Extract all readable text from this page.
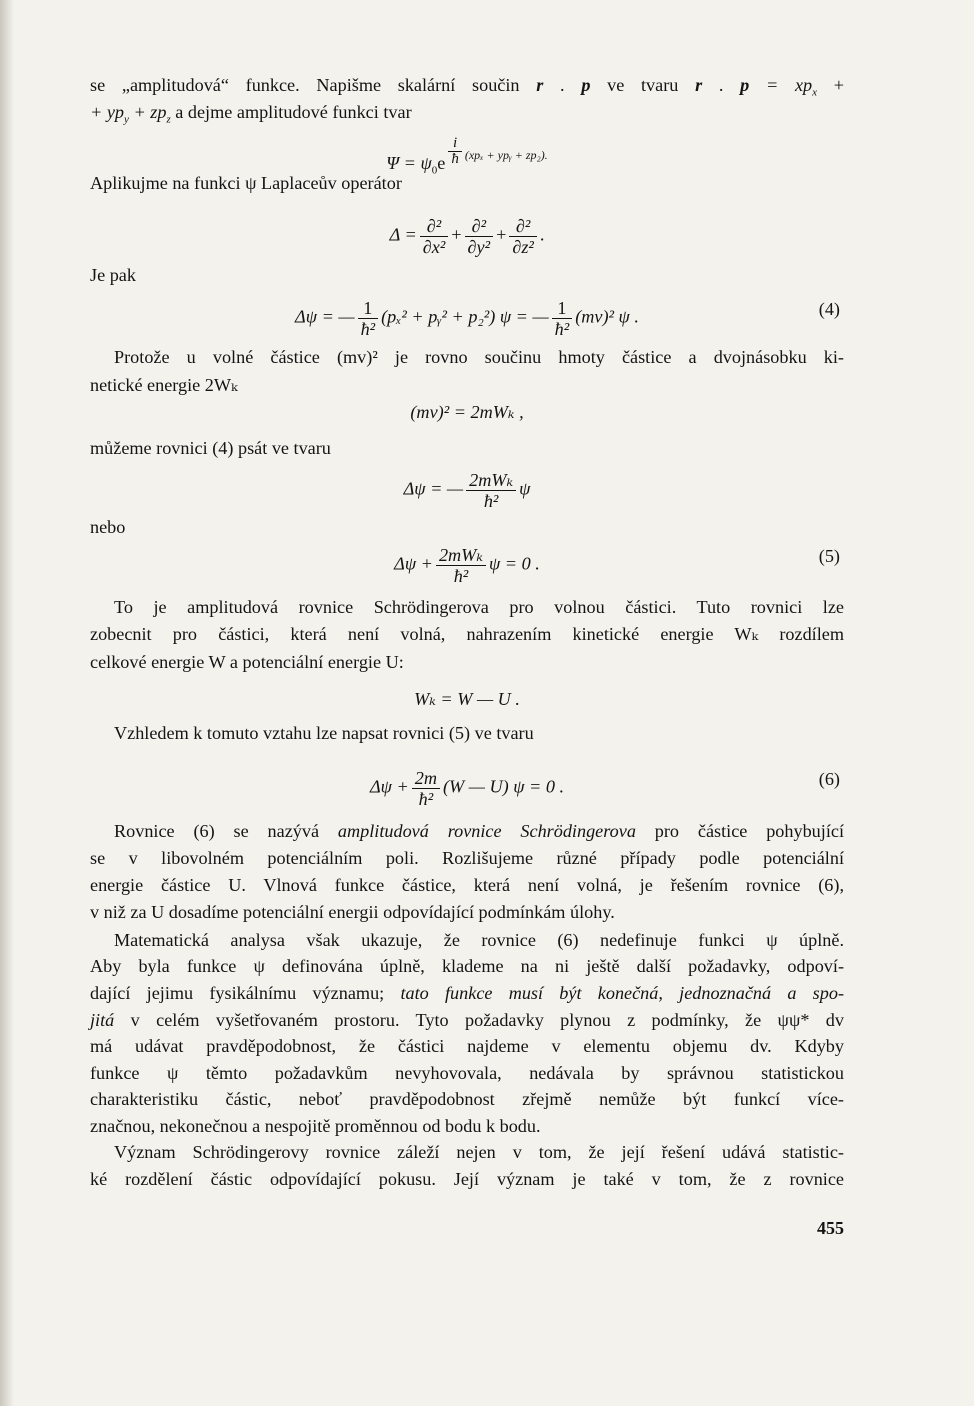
se „amplitudová“ funkce. Napišme skalární součin r . p ve tvaru r . $p = xp_x$ +
+ $yp_y + zp_z$ a dejme amplitudové funkci tvar
$\Psi = \psi_0e \frac{i}{ħ} ^{(xp_x + ypᵧ + zp_2).}$
Aplikujme na funkci ψ Laplaceův operátor
$\Delta = \frac{\text{∂²}}{\text{∂x²}} + \frac{\text{∂²}}{\text{∂y²}} + \frac{\text{∂²}}{\text{∂z²}}$ .
Je pak
Δψ = — $\frac{1}{\text{ħ²}} (p_x^2$ + pᵧ² + p₂²) ψ = — $\frac{1}{\text{ħ²}} (mv)^2$ ψ .	(4)
Protože u volné částice (mv)² je rovno součinu hmoty částice a dvojnásobku ki-
netické energie 2Wₖ
(mv)² = 2mWₖ ,
můžeme rovnici (4) psát ve tvaru
Δψ = — $\frac{\text{2mWₖ}}{\text{ħ²}}$ ψ
nebo
$\Delta\psi + \frac{\text{2mWₖ}}{\text{ħ²}}$ ψ = 0 .	(5)
To je amplitudová rovnice Schrödingerova pro volnou částici. Tuto rovnici lze
zobecnit pro částici, která není volná, nahrazením kinetické energie Wₖ rozdílem
celkové energie W a potenciální energie U:
Wₖ = W — U .
Vzhledem k tomuto vztahu lze napsat rovnici (5) ve tvaru
$\Delta\psi + \frac{2m}{\text{ħ²}} (W$ — U) ψ = 0 .	(6)
Rovnice (6) se nazývá amplitudová rovnice Schrödingerova pro částice pohybující
se v libovolném potenciálním poli. Rozlišujeme různé případy podle potenciální
energie částice U. Vlnová funkce částice, která není volná, je řešením rovnice (6),
v niž za U dosadíme potenciální energii odpovídající podmínkám úlohy.
Matematická analysa však ukazuje, že rovnice (6) nedefinuje funkci ψ úplně.
Aby byla funkce ψ definována úplně, klademe na ni ještě další požadavky, odpoví-
dající jejimu fysikálnímu významu; tato funkce musí být konečná, jednoznačná a spo-
jitá v celém vyšetřovaném prostoru. Tyto požadavky plynou z podmínky, že ψψ* dv
má udávat pravděpodobnost, že částici najdeme v elementu objemu dv. Kdyby
funkce ψ těmto požadavkům nevyhovovala, nedávala by správnou statistickou
charakteristiku částic, neboť pravděpodobnost zřejmě nemůže být funkcí více-
značnou, nekonečnou a nespojitě proměnnou od bodu k bodu.
Význam Schrödingerovy rovnice záleží nejen v tom, že její řešení udává statistic-
ké rozdělení částic odpovídající pokusu. Její význam je také v tom, že z rovnice
455
